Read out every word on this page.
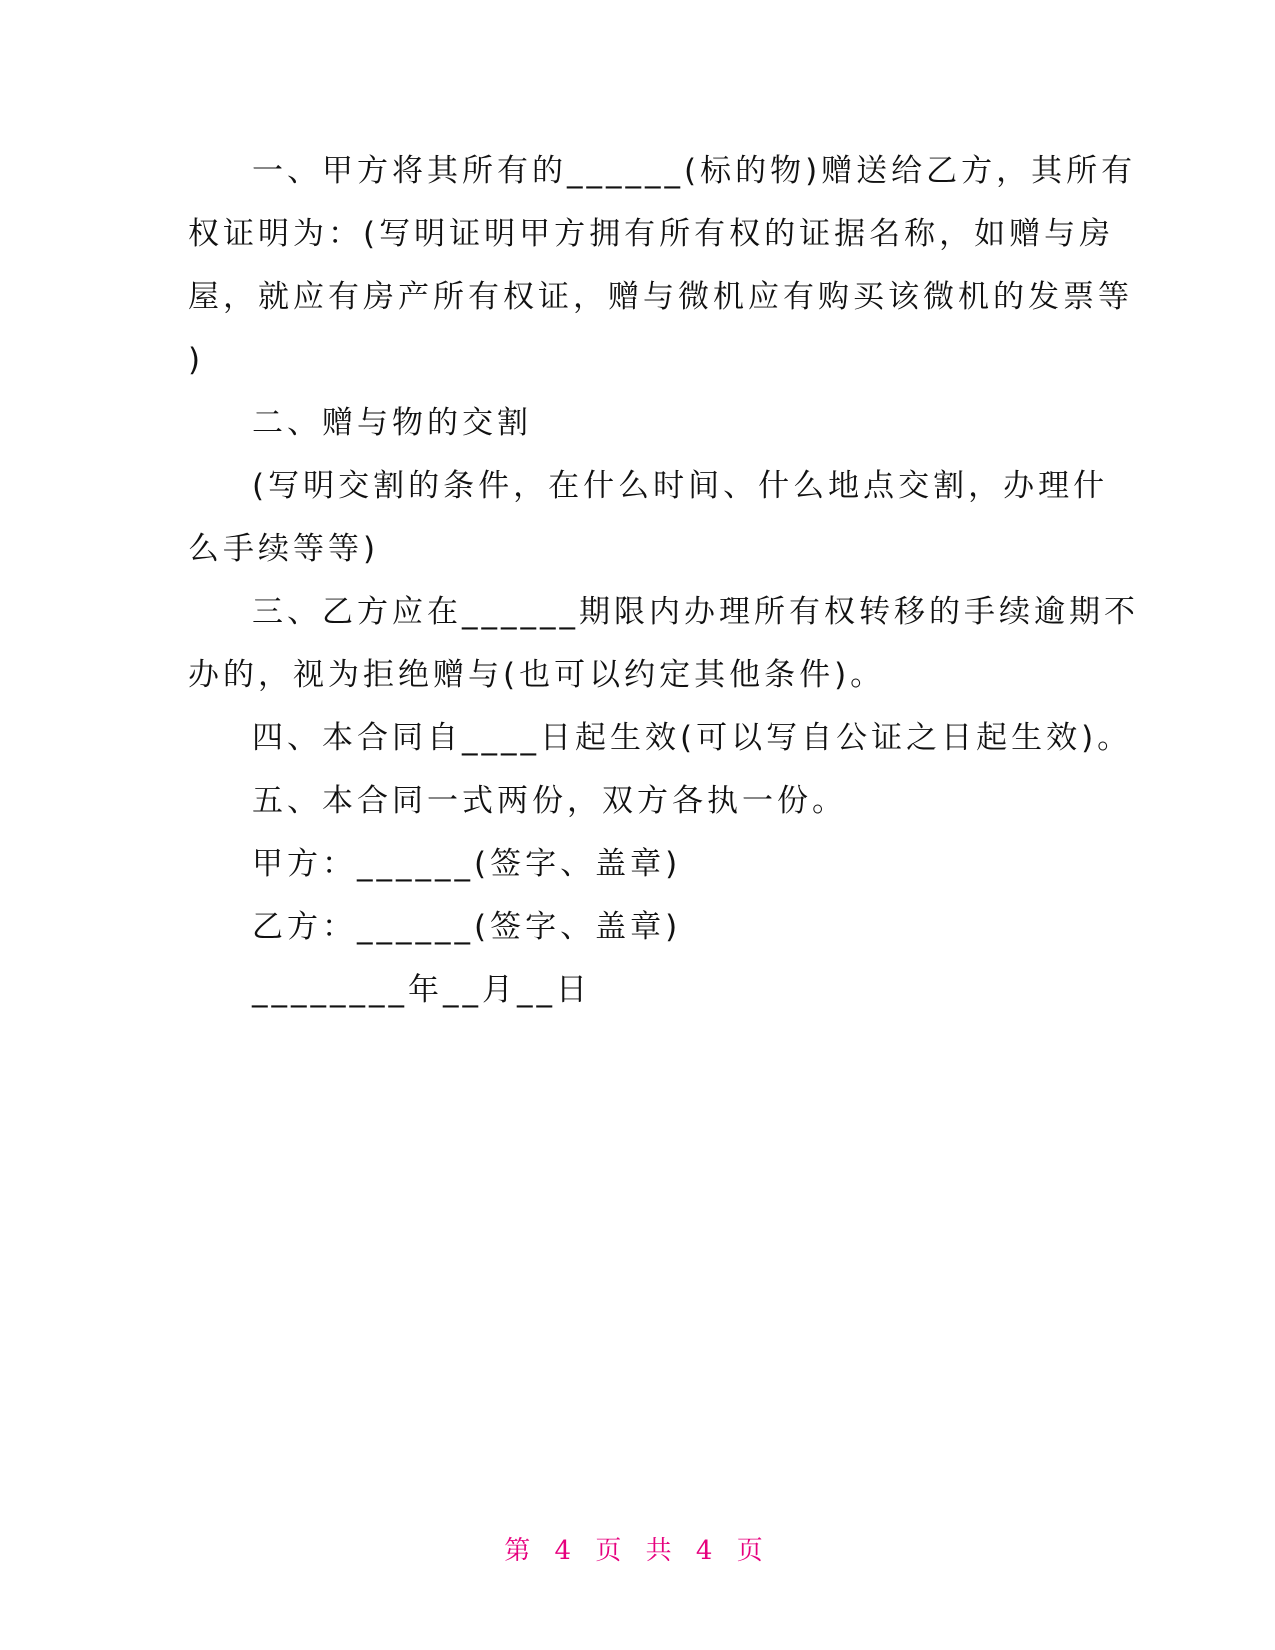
一、甲方将其所有的______(标的物)赠送给乙方，其所有
权证明为：(写明证明甲方拥有所有权的证据名称，如赠与房
屋，就应有房产所有权证，赠与微机应有购买该微机的发票等
)
二、赠与物的交割
(写明交割的条件，在什么时间、什么地点交割，办理什
么手续等等)
三、乙方应在______期限内办理所有权转移的手续逾期不
办的，视为拒绝赠与(也可以约定其他条件)。
四、本合同自____日起生效(可以写自公证之日起生效)。
五、本合同一式两份，双方各执一份。
甲方：______(签字、盖章)
乙方：______(签字、盖章)
________年__月__日
第 4 页 共 4 页
